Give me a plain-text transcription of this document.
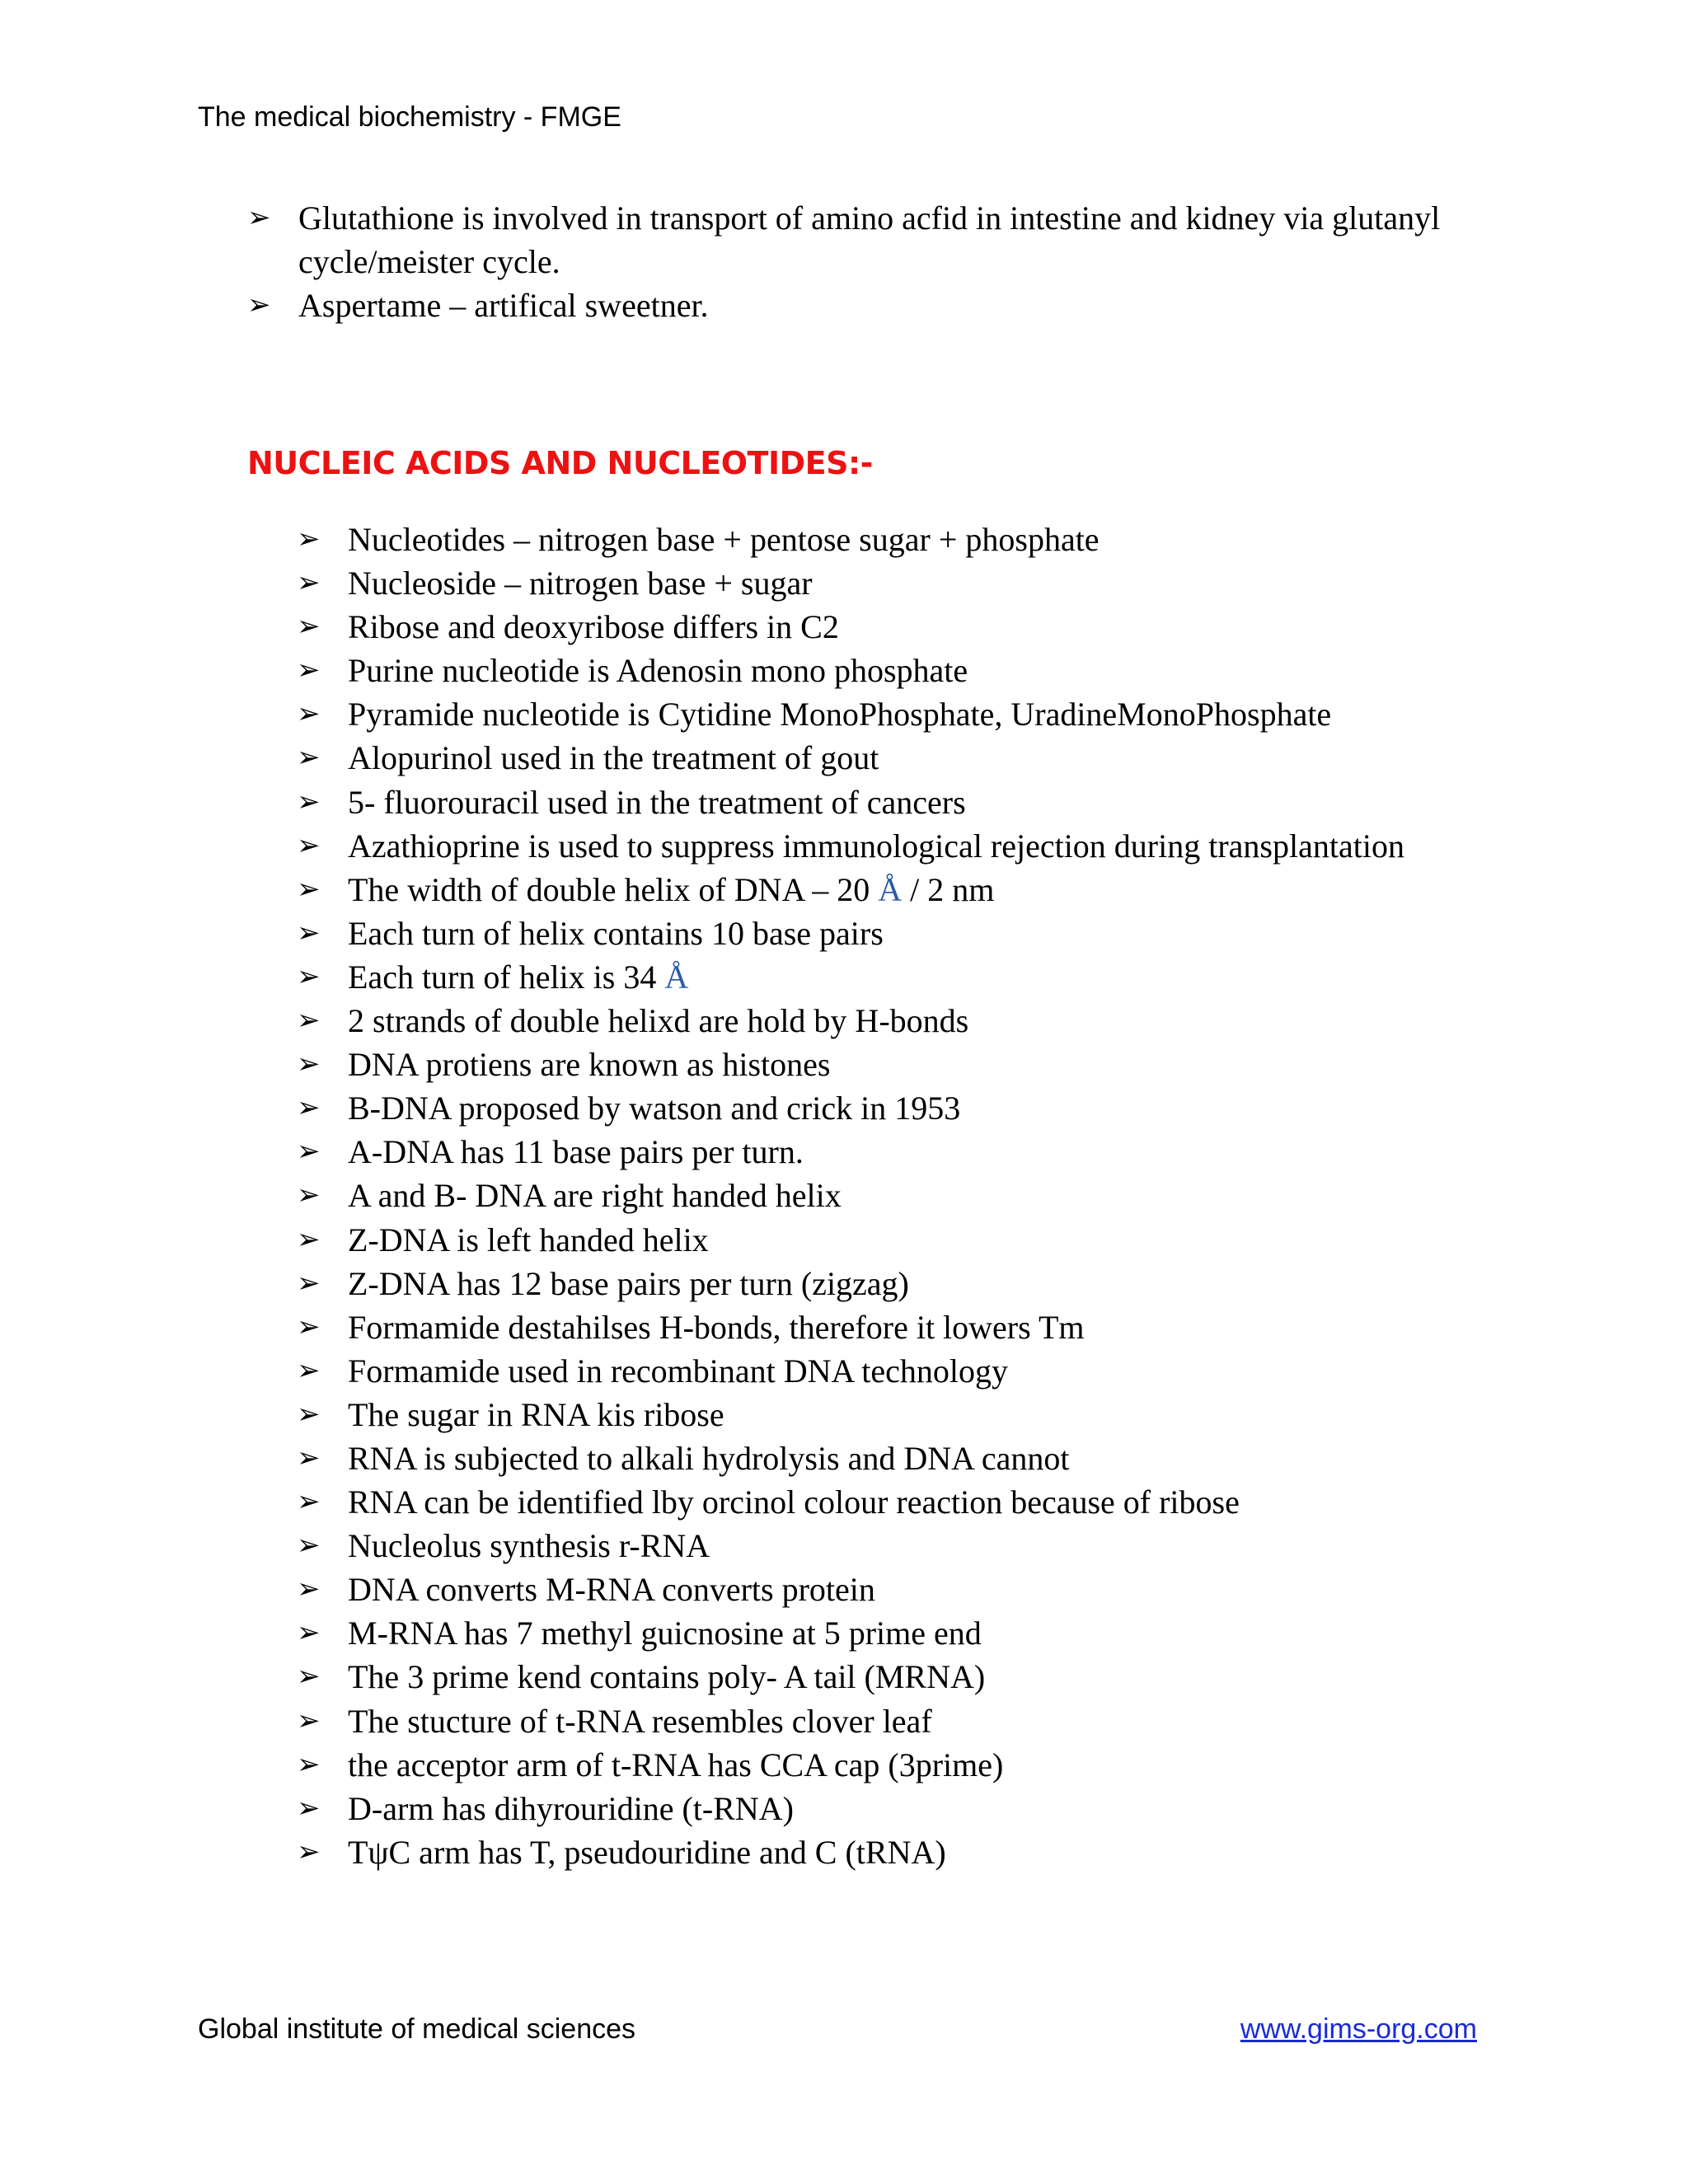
The medical biochemistry - FMGE
➢ Glutathione is involved in transport of amino acfid in intestine and kidney via glutanyl cycle/meister cycle.
➢ Aspertame – artifical sweetner.
NUCLEIC ACIDS AND NUCLEOTIDES:-
➢ Nucleotides – nitrogen base + pentose sugar + phosphate
➢ Nucleoside – nitrogen base + sugar
➢ Ribose and deoxyribose differs in C2
➢ Purine nucleotide is Adenosin mono phosphate
➢ Pyramide nucleotide is Cytidine MonoPhosphate, UradineMonoPhosphate
➢ Alopurinol used in the treatment of gout
➢ 5- fluorouracil used in the treatment of cancers
➢ Azathioprine is used to suppress immunological rejection during transplantation
➢ The width of double helix of DNA – 20 Å / 2 nm
➢ Each turn of helix contains 10 base pairs
➢ Each turn of helix is 34 Å
➢ 2 strands of double helixd are hold by H-bonds
➢ DNA protiens are known as histones
➢ B-DNA proposed by watson and crick in 1953
➢ A-DNA has 11 base pairs per turn.
➢ A and B- DNA are right handed helix
➢ Z-DNA is left handed helix
➢ Z-DNA has 12 base pairs per turn (zigzag)
➢ Formamide destahilses H-bonds, therefore it lowers Tm
➢ Formamide used in recombinant DNA technology
➢ The sugar in RNA kis ribose
➢ RNA is subjected to alkali hydrolysis and DNA cannot
➢ RNA can be identified lby orcinol colour reaction because of ribose
➢ Nucleolus synthesis r-RNA
➢ DNA converts M-RNA converts protein
➢ M-RNA has 7 methyl guicnosine at 5 prime end
➢ The 3 prime kend contains poly- A tail (MRNA)
➢ The stucture of t-RNA resembles clover leaf
➢ the acceptor arm of t-RNA has CCA cap (3prime)
➢ D-arm has dihyrouridine (t-RNA)
➢ TψC arm has T, pseudouridine and C (tRNA)
Global institute of medical sciences	www.gims-org.com
